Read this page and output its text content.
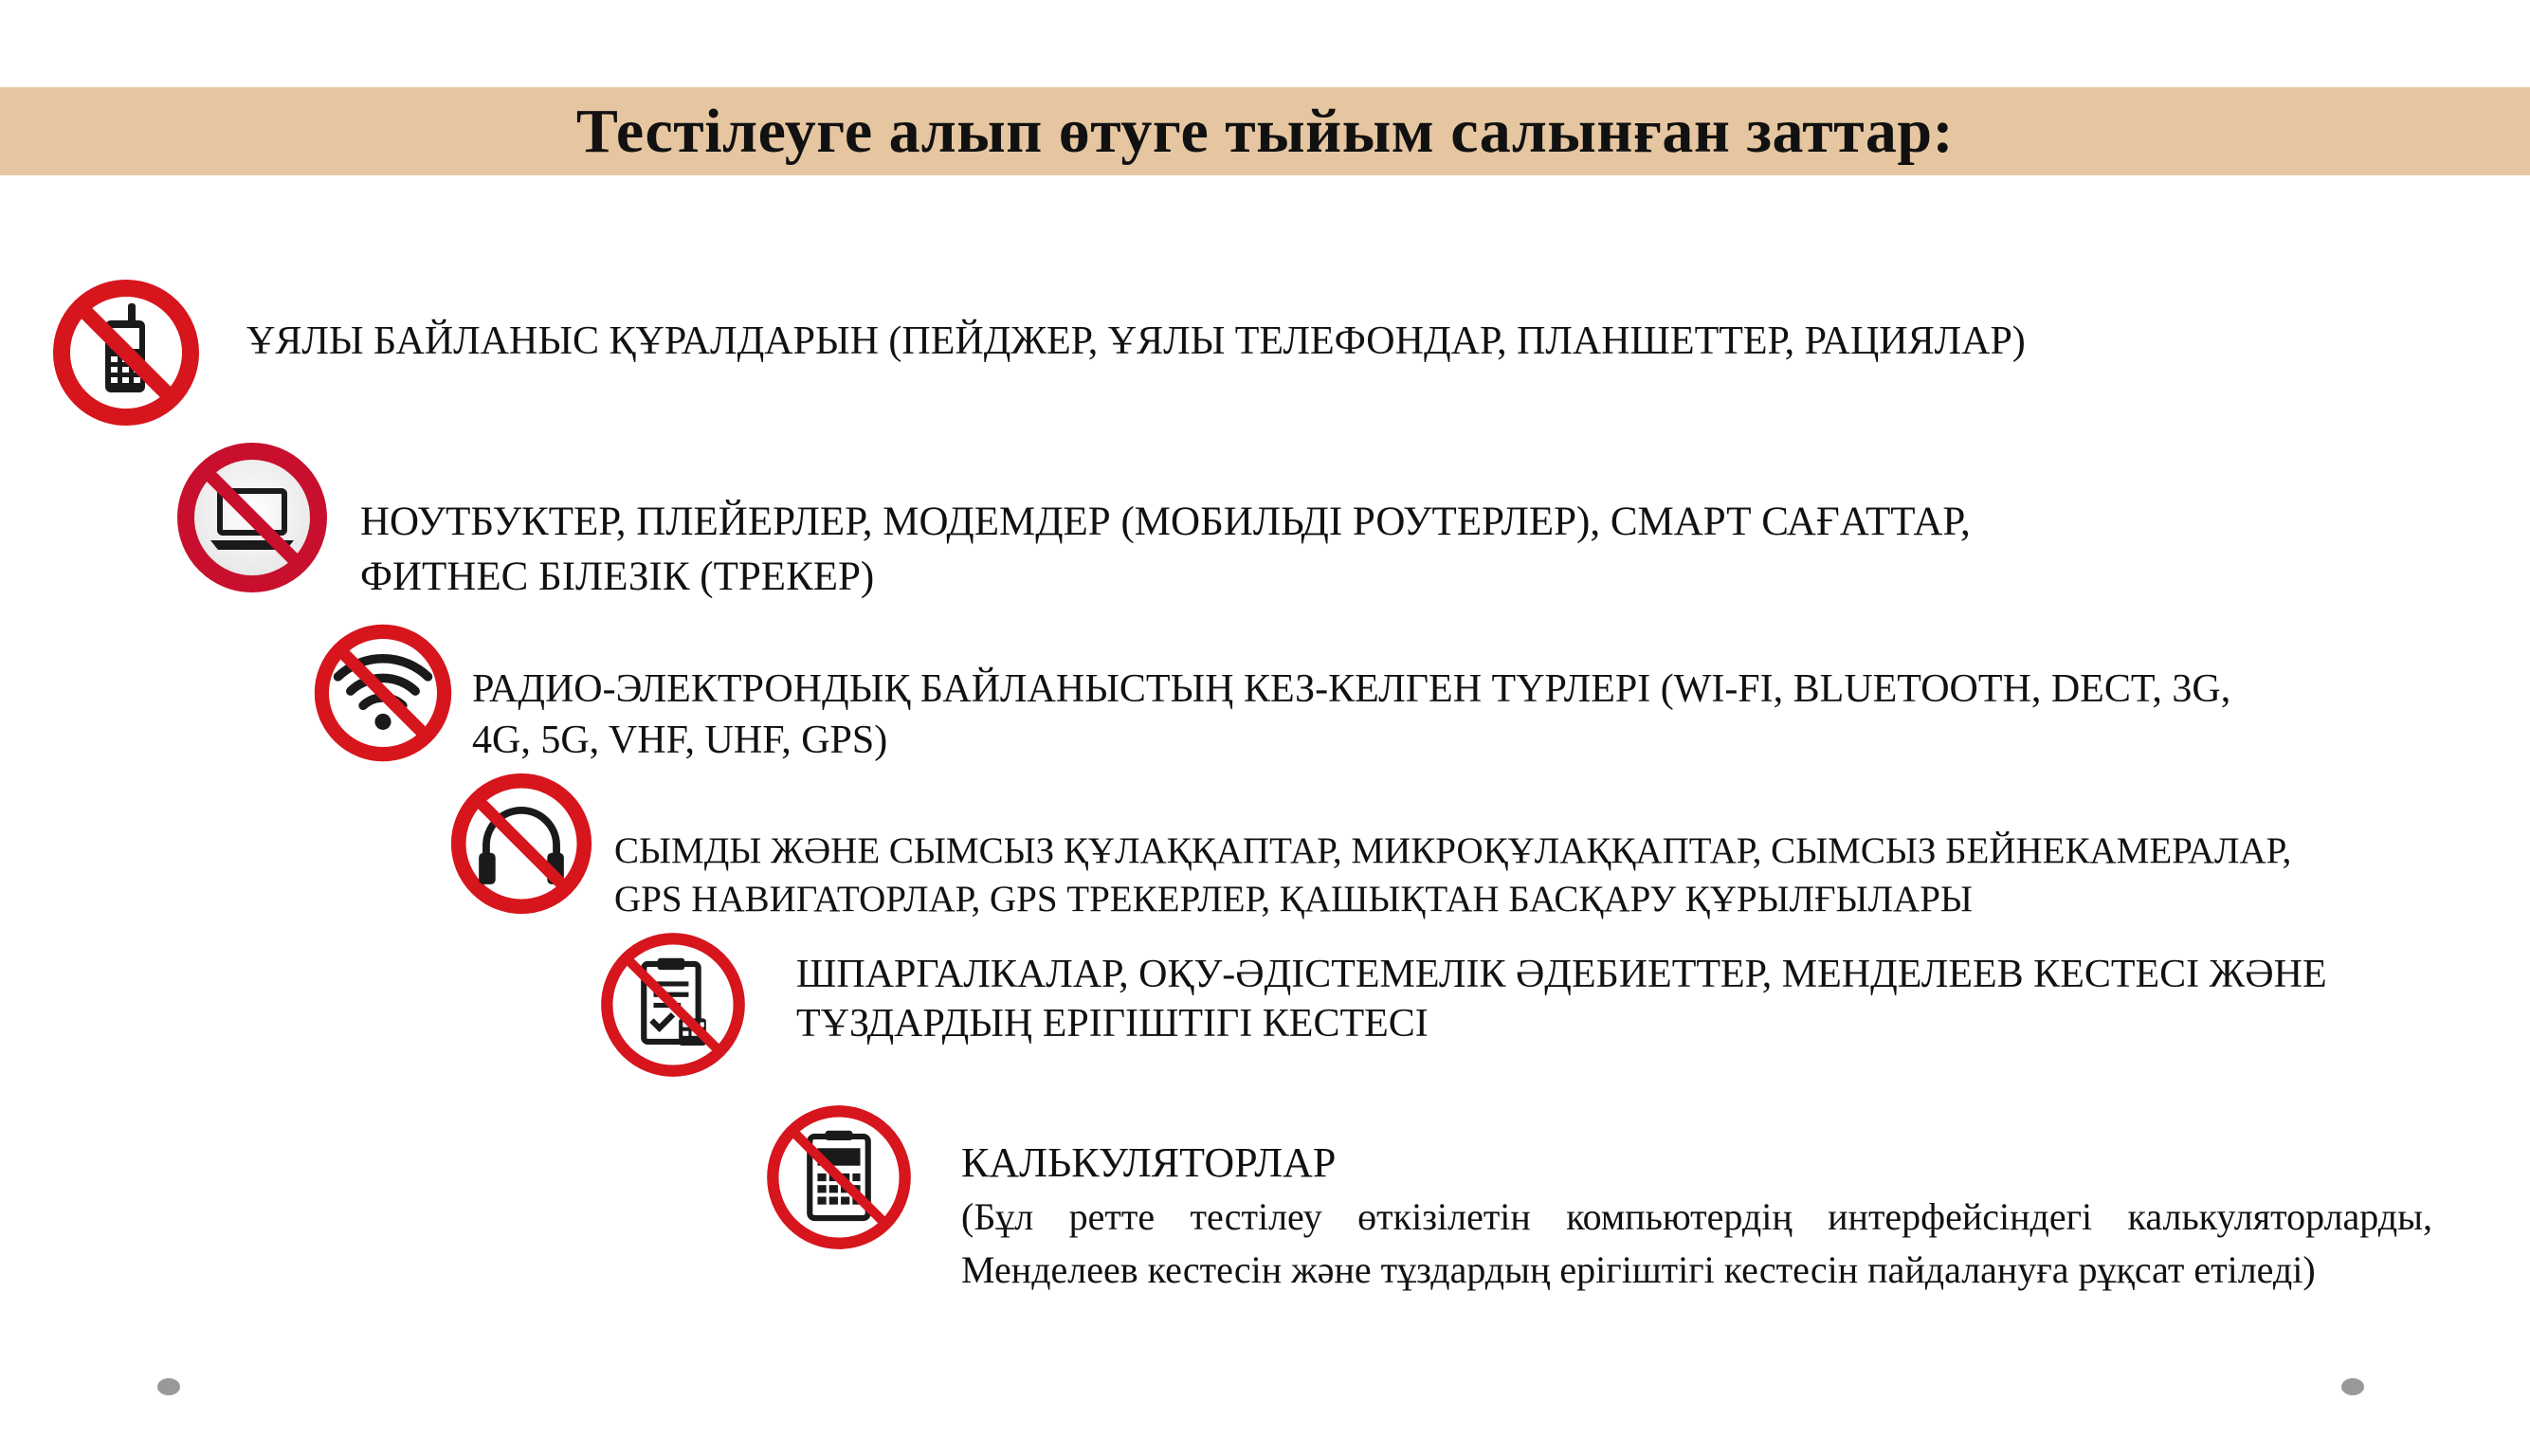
Тестілеуге алып өтуге тыйым салынған заттар:
ҰЯЛЫ БАЙЛАНЫС ҚҰРАЛДАРЫН (ПЕЙДЖЕР, ҰЯЛЫ ТЕЛЕФОНДАР, ПЛАНШЕТТЕР, РАЦИЯЛАР)
НОУТБУКТЕР, ПЛЕЙЕРЛЕР, МОДЕМДЕР (МОБИЛЬДІ РОУТЕРЛЕР), СМАРТ САҒАТТАР,
ФИТНЕС БІЛЕЗІК (ТРЕКЕР)
РАДИО-ЭЛЕКТРОНДЫҚ БАЙЛАНЫСТЫҢ КЕЗ-КЕЛГЕН ТҮРЛЕРІ (WI-FI, BLUETOOTH, DECT, 3G,
4G, 5G, VHF, UHF, GPS)
СЫМДЫ ЖӘНЕ СЫМСЫЗ ҚҰЛАҚҚАПТАР, МИКРОҚҰЛАҚҚАПТАР, СЫМСЫЗ БЕЙНЕКАМЕРАЛАР,
GPS НАВИГАТОРЛАР, GPS ТРЕКЕРЛЕР, ҚАШЫҚТАН БАСҚАРУ ҚҰРЫЛҒЫЛАРЫ
ШПАРГАЛКАЛАР, ОҚУ-ӘДІСТЕМЕЛІК ӘДЕБИЕТТЕР, МЕНДЕЛЕЕВ КЕСТЕСІ ЖӘНЕ
ТҰЗДАРДЫҢ ЕРІГІШТІГІ КЕСТЕСІ
КАЛЬКУЛЯТОРЛАР

(Бұл ретте тестілеу өткізілетін компьютердің интерфейсіндегі калькуляторларды, Менделеев кестесін және тұздардың ерігіштігі кестесін пайдалануға рұқсат етіледі)
